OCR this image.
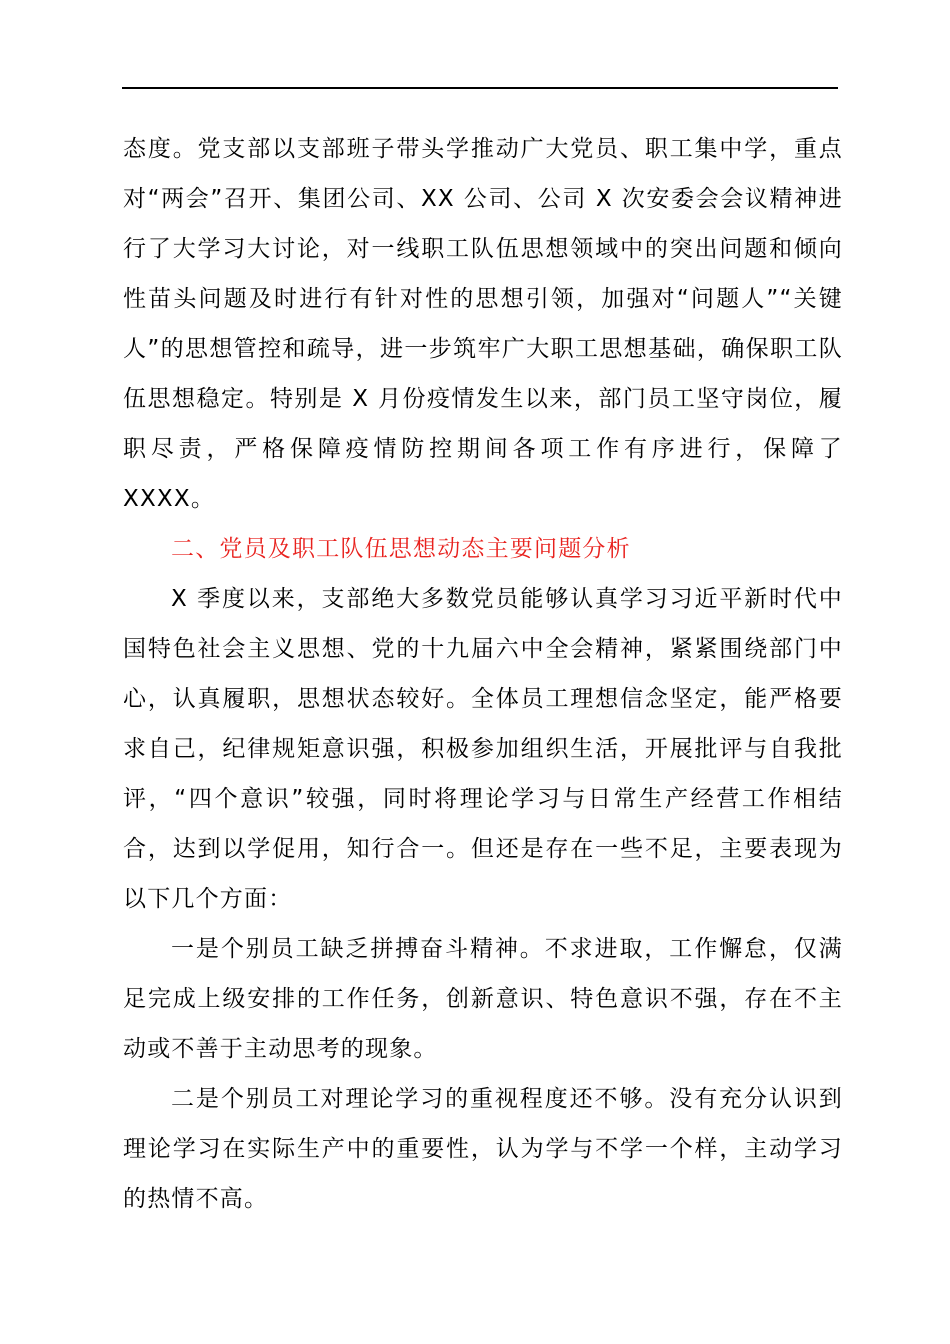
态度。党支部以支部班子带头学推动广大党员、职工集中学，重点对“两会”召开、集团公司、XX 公司、公司 X 次安委会会议精神进行了大学习大讨论，对一线职工队伍思想领域中的突出问题和倾向性苗头问题及时进行有针对性的思想引领，加强对“问题人”“关键人”的思想管控和疏导，进一步筑牢广大职工思想基础，确保职工队伍思想稳定。特别是 X 月份疫情发生以来，部门员工坚守岗位，履职尽责，严格保障疫情防控期间各项工作有序进行，保障了 XXXX。

二、党员及职工队伍思想动态主要问题分析

X 季度以来，支部绝大多数党员能够认真学习习近平新时代中国特色社会主义思想、党的十九届六中全会精神，紧紧围绕部门中心，认真履职，思想状态较好。全体员工理想信念坚定，能严格要求自己，纪律规矩意识强，积极参加组织生活，开展批评与自我批评，“四个意识”较强，同时将理论学习与日常生产经营工作相结合，达到以学促用，知行合一。但还是存在一些不足，主要表现为以下几个方面：

一是个别员工缺乏拼搏奋斗精神。不求进取，工作懈怠，仅满足完成上级安排的工作任务，创新意识、特色意识不强，存在不主动或不善于主动思考的现象。

二是个别员工对理论学习的重视程度还不够。没有充分认识到理论学习在实际生产中的重要性，认为学与不学一个样，主动学习的热情不高。
